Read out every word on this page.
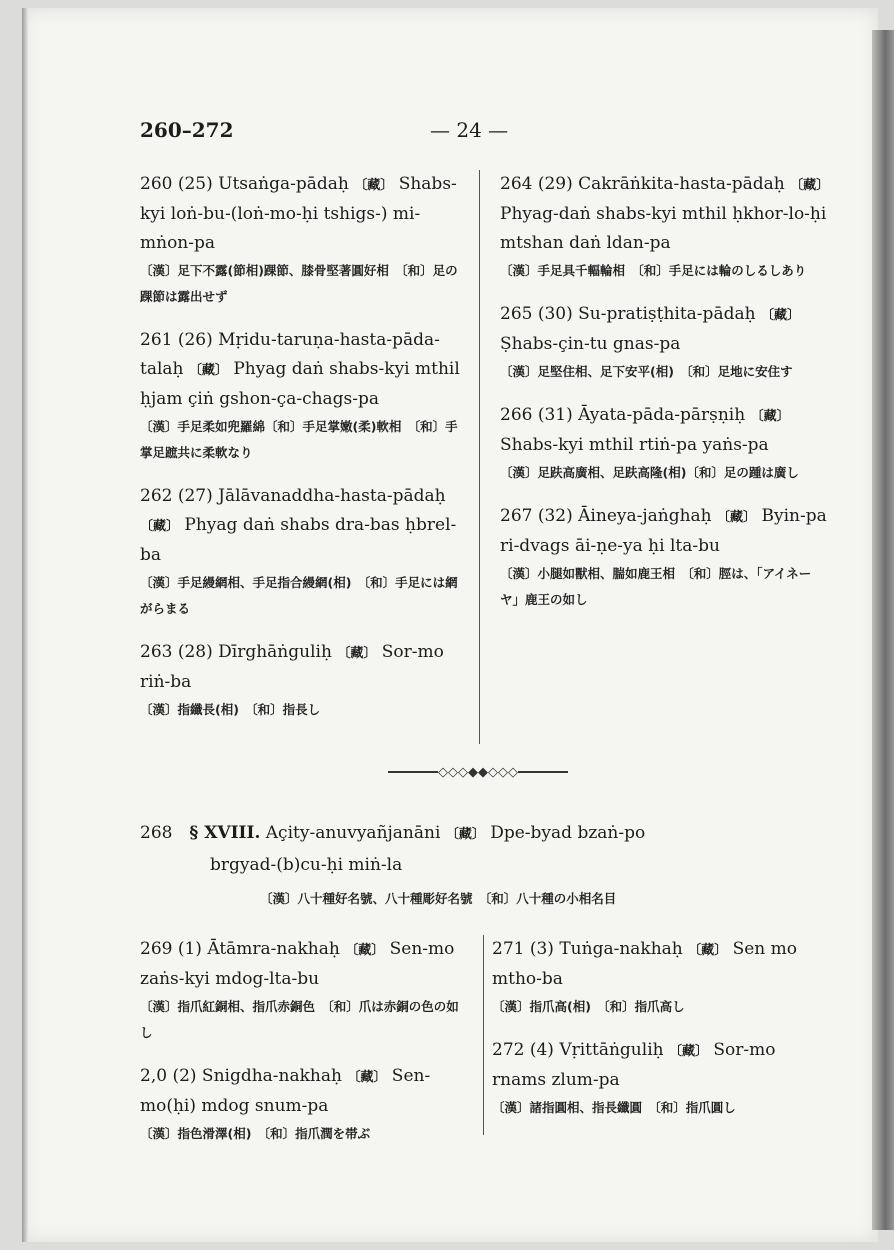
260–272	— 24 —
260 (25) Utsaṅga-pādaḥ 〔藏〕 Shabs-kyi loṅ-bu-(loṅ-mo-ḥi tshigs-) mi-mṅon-pa
〔漢〕足下不露(節相)踝節、膝骨堅著圓好相　〔和〕足の踝節は露出せず
261 (26) Mṛidu-taruṇa-hasta-pāda-talaḥ 〔藏〕 Phyag daṅ shabs-kyi mthil ḥjam çiṅ gshon-ça-chags-pa
〔漢〕手足柔如兜羅綿〔和〕手足掌嫩(柔)軟相　〔和〕手掌足蹠共に柔軟なり
262 (27) Jālāvanaddha-hasta-pādaḥ 〔藏〕 Phyag daṅ shabs dra-bas ḥbrel-ba
〔漢〕手足縵網相、手足指合縵網(相)　〔和〕手足には網がらまる
263 (28) Dīrghāṅguliḥ 〔藏〕 Sor-mo riṅ-ba
〔漢〕指纖長(相)　〔和〕指長し
264 (29) Cakrāṅkita-hasta-pādaḥ 〔藏〕 Phyag-daṅ shabs-kyi mthil ḥkhor-lo-ḥi mtshan daṅ ldan-pa
〔漢〕手足具千輻輪相　〔和〕手足には輪のしるしあり
265 (30) Su-pratiṣṭhita-pādaḥ 〔藏〕 Ṣhabs-çin-tu gnas-pa
〔漢〕足堅住相、足下安平(相)　〔和〕足地に安住す
266 (31) Āyata-pāda-pārṣṇiḥ 〔藏〕 Shabs-kyi mthil rtiṅ-pa yaṅs-pa
〔漢〕足趺高廣相、足趺高隆(相)〔和〕足の踵は廣し
267 (32) Āineya-jaṅghaḥ 〔藏〕 Byin-pa ri-dvags āi-ṇe-ya ḥi lta-bu
〔漢〕小腿如獸相、腨如鹿王相　〔和〕脛は、「アイネーヤ」鹿王の如し
◇◇◇◆◆◇◇◇
268 § XVIII. Açity-anuvyañjanāni 〔藏〕 Dpe-byad bzaṅ-po
brgyad-(b)cu-ḥi miṅ-la
〔漢〕八十種好名號、八十種彫好名號　〔和〕八十種の小相名目
269 (1) Ātāmra-nakhaḥ 〔藏〕 Sen-mo zaṅs-kyi mdog-lta-bu
〔漢〕指爪紅銅相、指爪赤銅色　〔和〕爪は赤銅の色の如し
2,0 (2) Snigdha-nakhaḥ 〔藏〕 Sen-mo(ḥi) mdog snum-pa
〔漢〕指色滑澤(相)　〔和〕指爪潤を帯ぶ
271 (3) Tuṅga-nakhaḥ 〔藏〕 Sen mo mtho-ba
〔漢〕指爪高(相)　〔和〕指爪高し
272 (4) Vṛittāṅguliḥ 〔藏〕 Sor-mo rnams zlum-pa
〔漢〕諸指圓相、指長纖圓　〔和〕指爪圓し
